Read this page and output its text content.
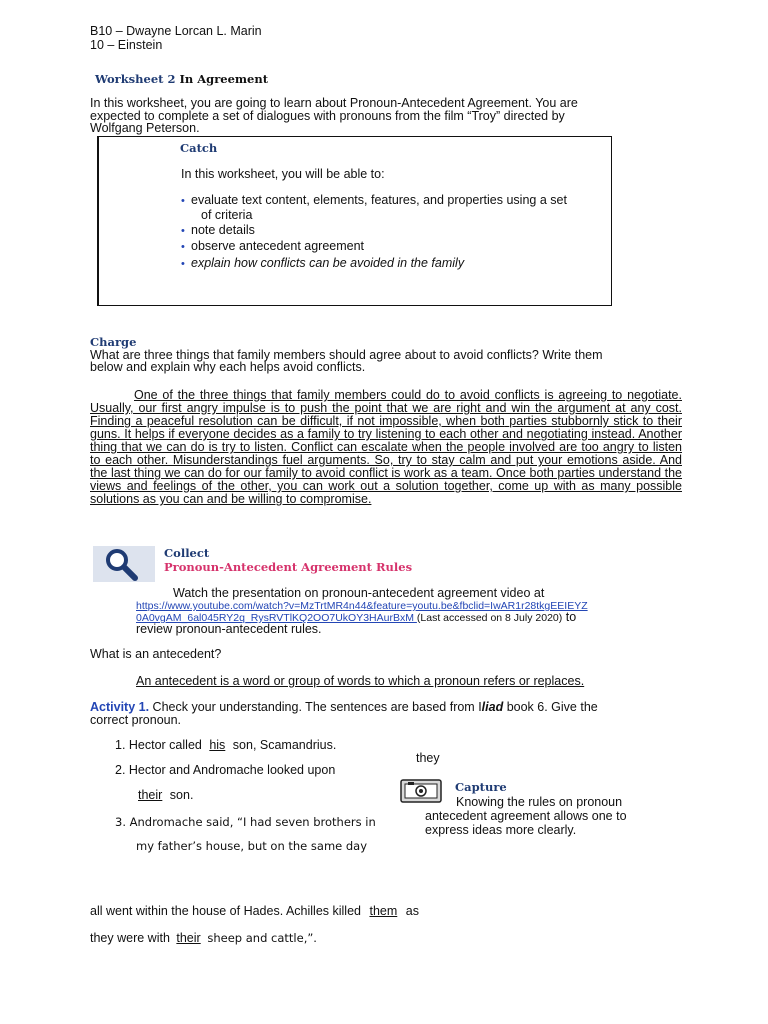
B10 – Dwayne Lorcan L. Marin
10 – Einstein
Worksheet 2 In Agreement
In this worksheet, you are going to learn about Pronoun-Antecedent Agreement. You are
expected to complete a set of dialogues with pronouns from the film “Troy” directed by
Wolfgang Peterson.
Catch
In this worksheet, you will be able to:
• evaluate text content, elements, features, and properties using a set
of criteria
• note details
• observe antecedent agreement
• explain how conflicts can be avoided in the family
Charge
What are three things that family members should agree about to avoid conflicts? Write them
below and explain why each helps avoid conflicts.
One of the three things that family members could do to avoid conflicts is agreeing to negotiate. Usually, our first angry impulse is to push the point that we are right and win the argument at any cost. Finding a peaceful resolution can be difficult, if not impossible, when both parties stubbornly stick to their guns. It helps if everyone decides as a family to try listening to each other and negotiating instead. Another thing that we can do is try to listen. Conflict can escalate when the people involved are too angry to listen to each other. Misunderstandings fuel arguments. So, try to stay calm and put your emotions aside. And the last thing we can do for our family to avoid conflict is work as a team. Once both parties understand the views and feelings of the other, you can work out a solution together, come up with as many possible solutions as you can and be willing to compromise.
Collect
Pronoun-Antecedent Agreement Rules
Watch the presentation on pronoun-antecedent agreement video at
https://www.youtube.com/watch?v=MzTrtMR4n44&feature=youtu.be&fbclid=IwAR1r28tkgEEIEYZ
0A0vgAM_6al045RY2q_RysRVTlKQ2OO7UkOY3HAurBxM (Last accessed on 8 July 2020) to
review pronoun-antecedent rules.
What is an antecedent?
An antecedent is a word or group of words to which a pronoun refers or replaces.
Activity 1. Check your understanding. The sentences are based from Iliad book 6. Give the
correct pronoun.
1. Hector called his son, Scamandrius.
2. Hector and Andromache looked upon
their son.
3. Andromache said, “I had seven brothers in
my father’s house, but on the same day
all went within the house of Hades. Achilles killed them as
they were with their sheep and cattle,”.
they
Capture
Knowing the rules on pronoun
antecedent agreement allows one to
express ideas more clearly.
